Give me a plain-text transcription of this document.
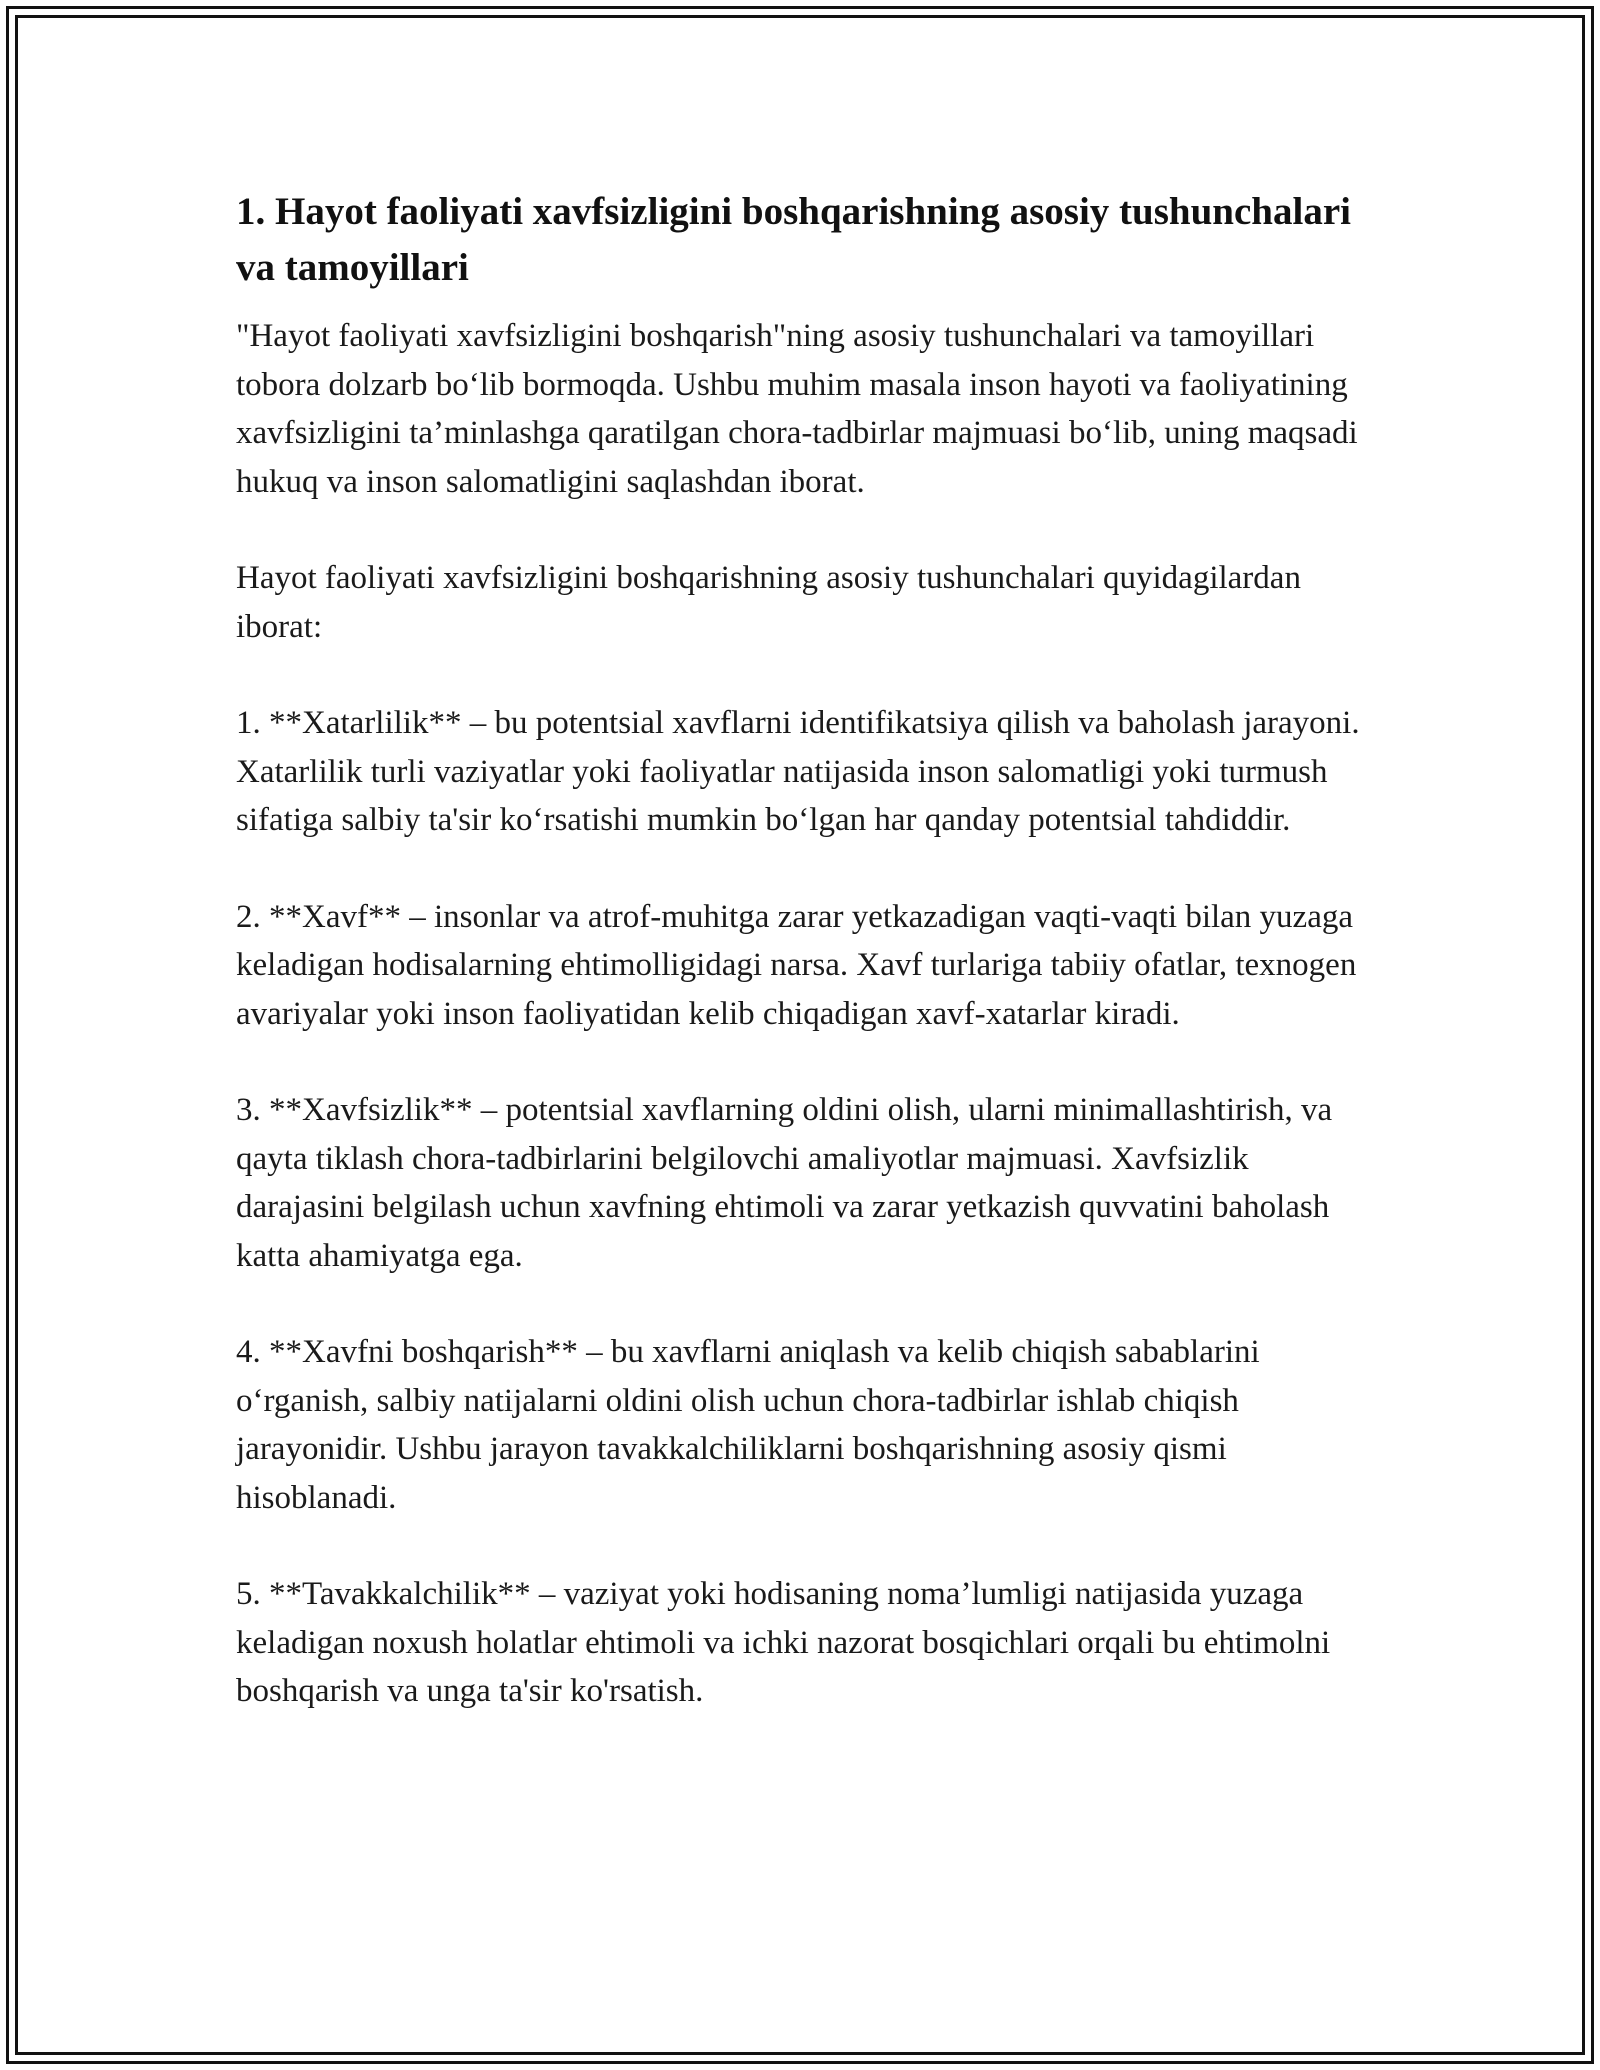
1. Hayot faoliyati xavfsizligini boshqarishning asosiy tushunchalari va tamoyillari

"Hayot faoliyati xavfsizligini boshqarish"ning asosiy tushunchalari va tamoyillari tobora dolzarb bo‘lib bormoqda. Ushbu muhim masala inson hayoti va faoliyatining xavfsizligini ta’minlashga qaratilgan chora-tadbirlar majmuasi bo‘lib, uning maqsadi hukuq va inson salomatligini saqlashdan iborat.

Hayot faoliyati xavfsizligini boshqarishning asosiy tushunchalari quyidagilardan iborat:

1. **Xatarlilik** – bu potentsial xavflarni identifikatsiya qilish va baholash jarayoni. Xatarlilik turli vaziyatlar yoki faoliyatlar natijasida inson salomatligi yoki turmush sifatiga salbiy ta'sir ko‘rsatishi mumkin bo‘lgan har qanday potentsial tahdiddir.

2. **Xavf** – insonlar va atrof-muhitga zarar yetkazadigan vaqti-vaqti bilan yuzaga keladigan hodisalarning ehtimolligidagi narsa. Xavf turlariga tabiiy ofatlar, texnogen avariyalar yoki inson faoliyatidan kelib chiqadigan xavf-xatarlar kiradi.

3. **Xavfsizlik** – potentsial xavflarning oldini olish, ularni minimallashtirish, va qayta tiklash chora-tadbirlarini belgilovchi amaliyotlar majmuasi. Xavfsizlik darajasini belgilash uchun xavfning ehtimoli va zarar yetkazish quvvatini baholash katta ahamiyatga ega.

4. **Xavfni boshqarish** – bu xavflarni aniqlash va kelib chiqish sabablarini o‘rganish, salbiy natijalarni oldini olish uchun chora-tadbirlar ishlab chiqish jarayonidir. Ushbu jarayon tavakkalchiliklarni boshqarishning asosiy qismi hisoblanadi.

5. **Tavakkalchilik** – vaziyat yoki hodisaning noma’lumligi natijasida yuzaga keladigan noxush holatlar ehtimoli va ichki nazorat bosqichlari orqali bu ehtimolni boshqarish va unga ta'sir ko'rsatish.
